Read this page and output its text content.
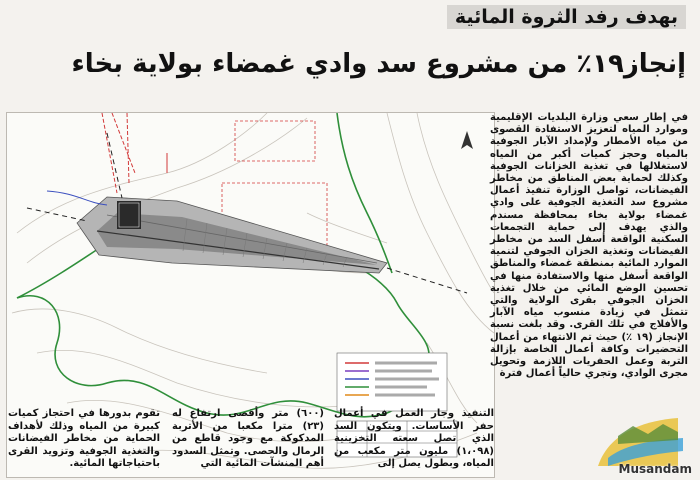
بهدف رفد الثروة المائية
إنجاز١٩٪ من مشروع سد وادي غمضاء بولاية بخاء

في إطار سعي وزارة البلديات الإقليمية وموارد المياه لتعزيز الاستفادة القصوى من مياه الأمطار ولإمداد الآبار الجوفية بالمياه وحجز كميات أكبر من المياه لاستغلالها في تغذية الخزانات الجوفية وكذلك لحماية بعض المناطق من مخاطر الفيضانات، تواصل الوزارة تنفيذ أعمال مشروع سد التغذية الجوفية على وادي غمضاء بولاية بخاء بمحافظة مسندم والذي يهدف إلى حماية التجمعات السكنية الواقعة أسفل السد من مخاطر الفيضانات وتغذية الخزان الجوفي لتنمية الموارد المائية بمنطقة غمضاء والمناطق الواقعة أسفل منها والاستفادة منها في تحسين الوضع المائي من خلال تغذية الخزان الجوفي بقرى الولاية والتي تتمثل في زيادة منسوب مياه الآبار والأفلاج في تلك القرى. وقد بلغت نسبة الإنجاز (١٩ ٪) حيث تم الانتهاء من أعمال التحضيرات وكافة أعمال الخاصة بإزالة التربة وعمل الحفريات اللازمة وتحويل مجرى الوادي، وتجري حالياً أعمال فترة

التنفيذ وجار العمل في أعمال حفر الأساسات. ويتكون السد الذي تصل سعته التخزينية (١،٠٩٨) مليون متر مكعب من المياه، وبطول يصل إلى
(٦٠٠) متر وأقصى ارتفاع له (٢٣) مترا مكعبا من الأتربة المدكوكة مع وجود قاطع من الرمال والحصى. وتمثل السدود أهم المنشآت المائية التي
تقوم بدورها في احتجاز كميات كبيرة من المياه وذلك لأهداف الحماية من مخاطر الفيضانات والتغذية الجوفية وتزويد القرى باحتياجاتها المائية.	Musandam
